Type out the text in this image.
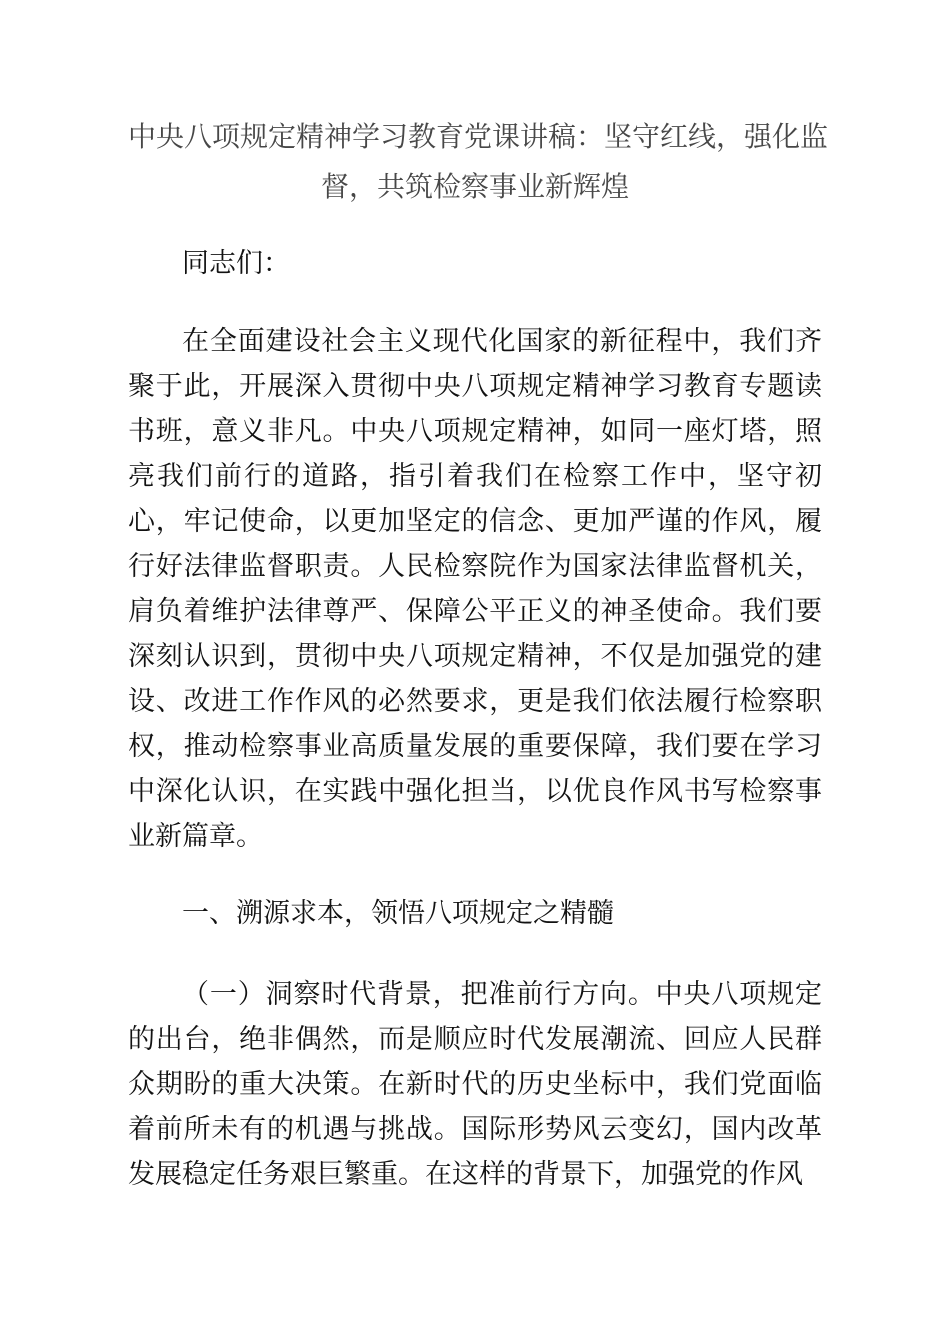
中央八项规定精神学习教育党课讲稿：坚守红线，强化监
督，共筑检察事业新辉煌

同志们：

在全面建设社会主义现代化国家的新征程中，我们齐聚于此，开展深入贯彻中央八项规定精神学习教育专题读书班，意义非凡。中央八项规定精神，如同一座灯塔，照亮我们前行的道路，指引着我们在检察工作中，坚守初心，牢记使命，以更加坚定的信念、更加严谨的作风，履行好法律监督职责。人民检察院作为国家法律监督机关，肩负着维护法律尊严、保障公平正义的神圣使命。我们要深刻认识到，贯彻中央八项规定精神，不仅是加强党的建设、改进工作作风的必然要求，更是我们依法履行检察职权，推动检察事业高质量发展的重要保障，我们要在学习中深化认识，在实践中强化担当，以优良作风书写检察事业新篇章。

一、溯源求本，领悟八项规定之精髓

（一）洞察时代背景，把准前行方向。中央八项规定的出台，绝非偶然，而是顺应时代发展潮流、回应人民群众期盼的重大决策。在新时代的历史坐标中，我们党面临着前所未有的机遇与挑战。国际形势风云变幻，国内改革发展稳定任务艰巨繁重。在这样的背景下，加强党的作风
